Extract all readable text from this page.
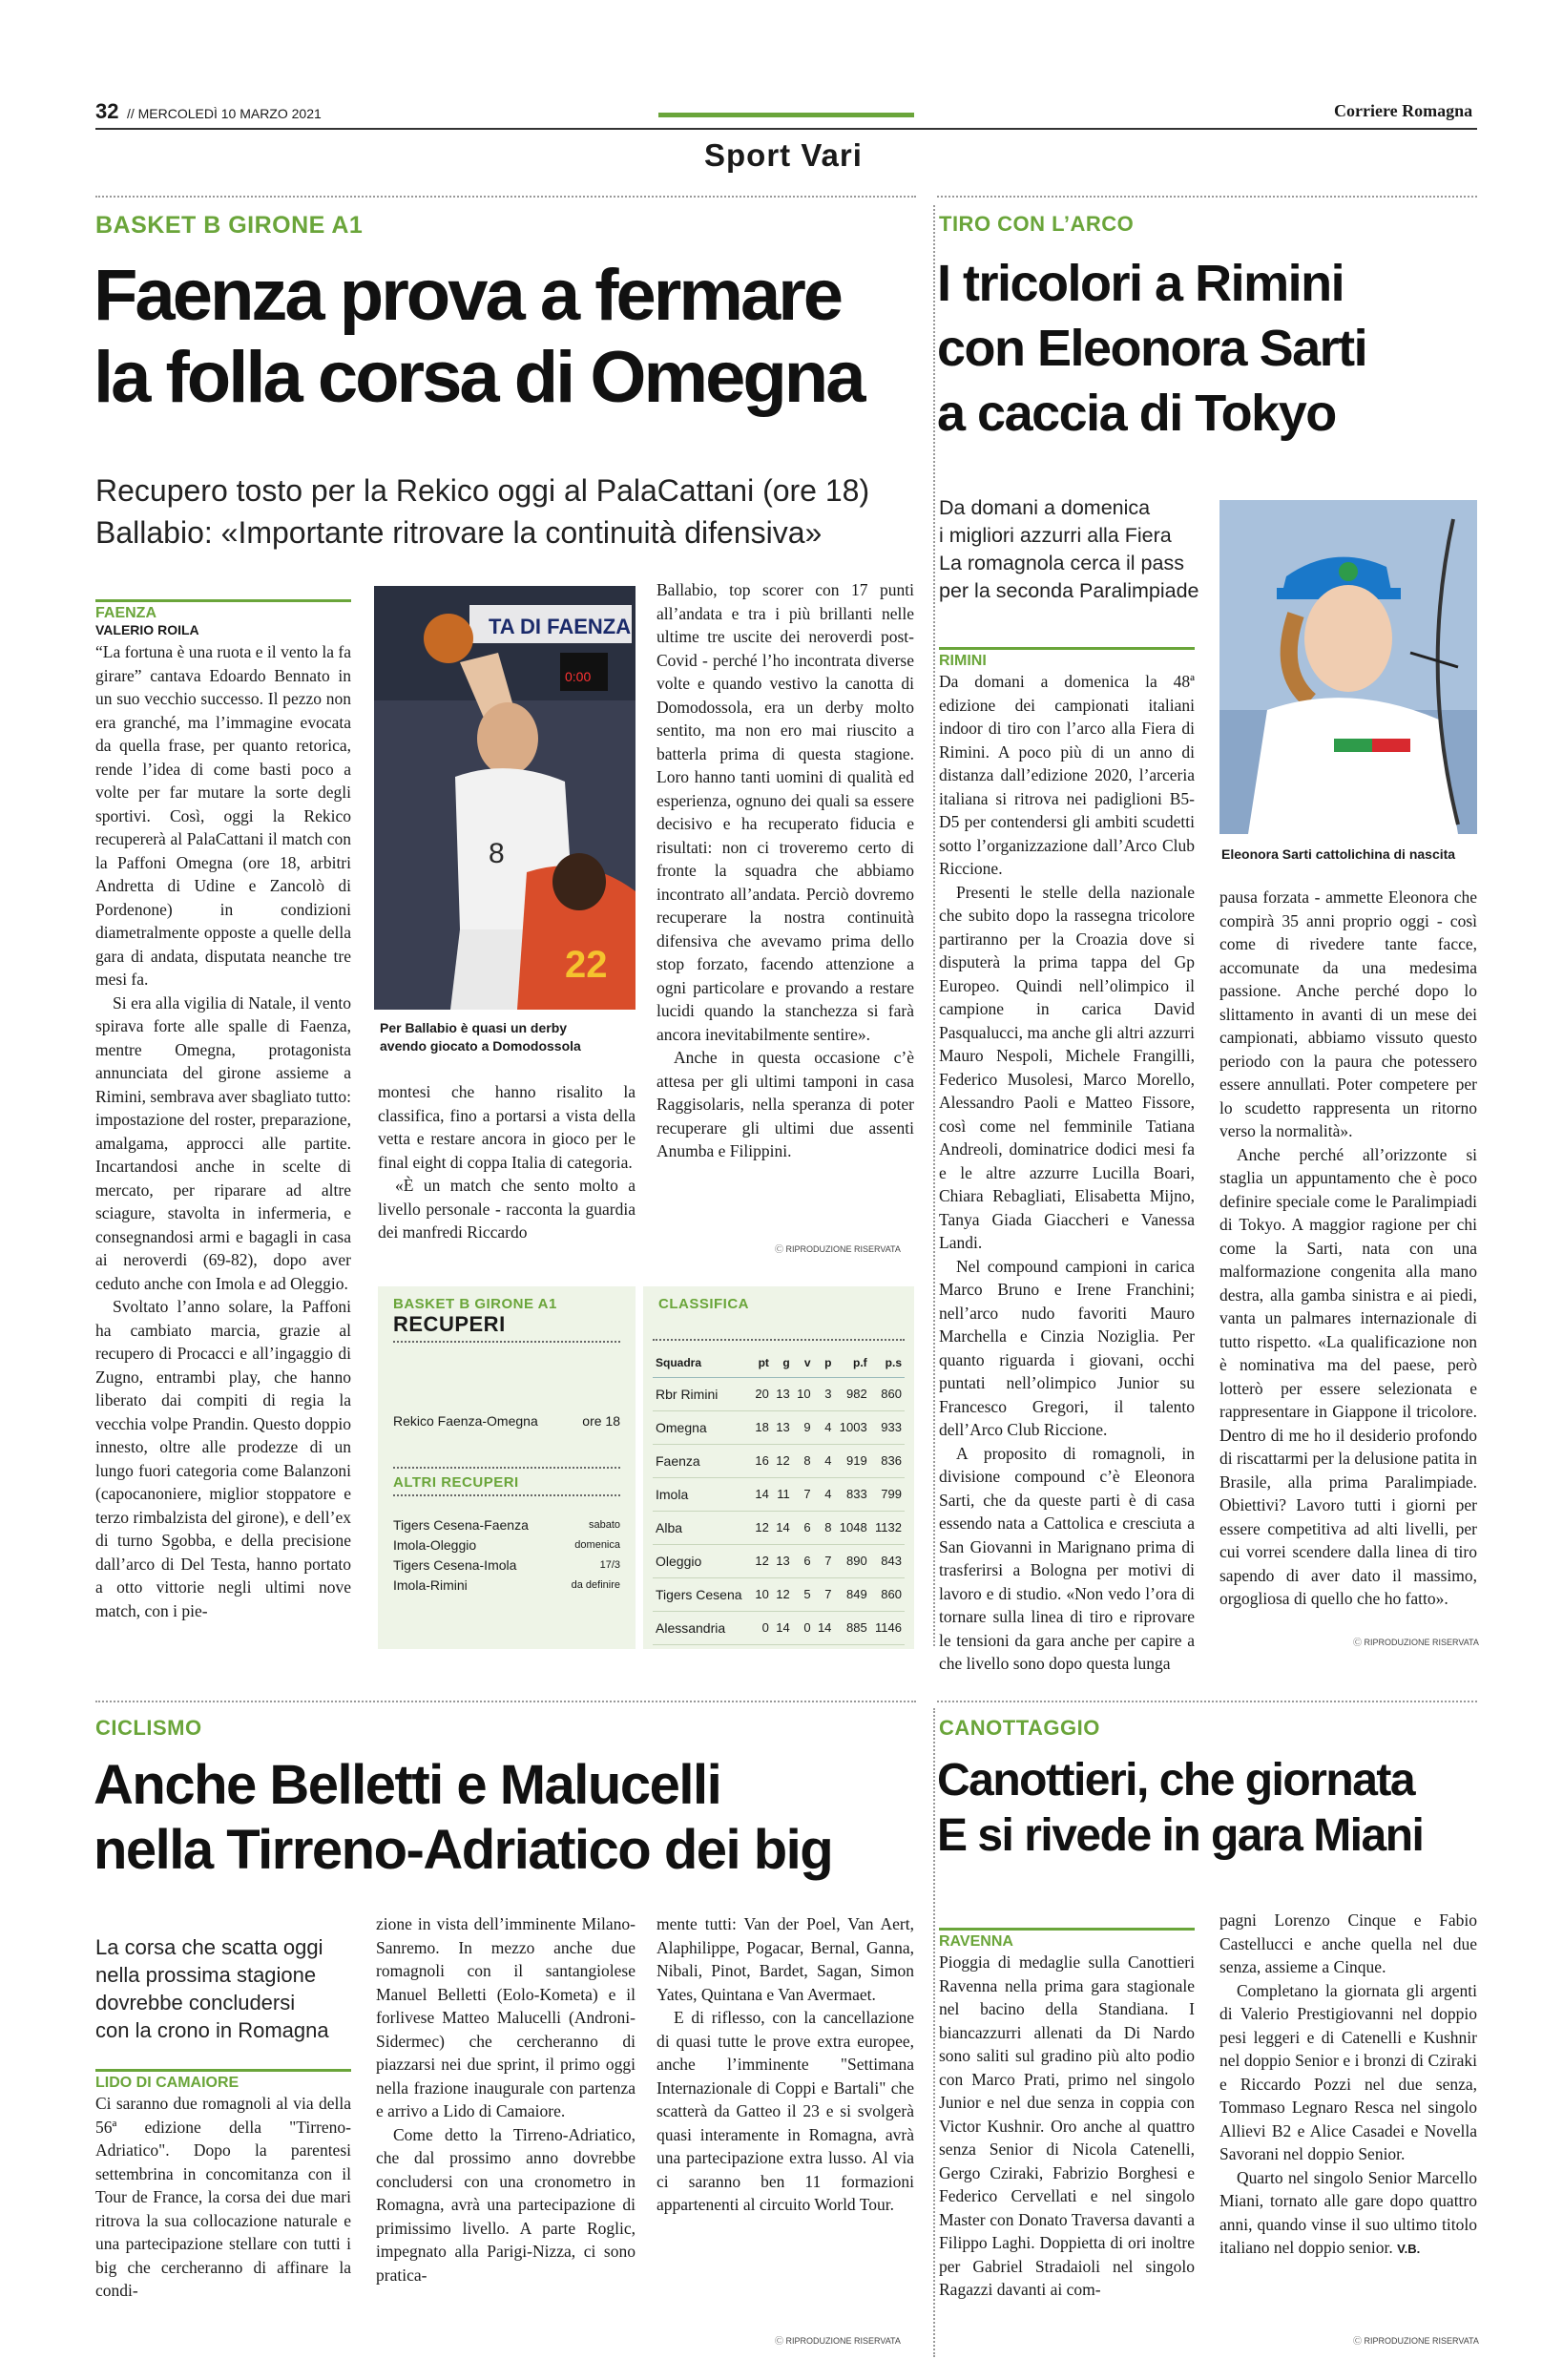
32 // MERCOLEDÌ 10 MARZO 2021	Corriere Romagna
Sport Vari
BASKET B GIRONE A1
Faenza prova a fermare
la folla corsa di Omegna
Recupero tosto per la Rekico oggi al PalaCattani (ore 18)
Ballabio: «Importante ritrovare la continuità difensiva»
FAENZA
VALERIO ROILA

“La fortuna è una ruota e il vento la fa girare” cantava Edoardo Bennato in un suo vecchio successo. Il pezzo non era granché, ma l’immagine evocata da quella frase, per quanto retorica, rende l’idea di come basti poco a volte per far mutare la sorte degli sportivi. Così, oggi la Rekico recupererà al PalaCattani il match con la Paffoni Omegna (ore 18, arbitri Andretta di Udine e Zancolò di Pordenone) in condizioni diametralmente opposte a quelle della gara di andata, disputata neanche tre mesi fa.

Si era alla vigilia di Natale, il vento spirava forte alle spalle di Faenza, mentre Omegna, protagonista annunciata del girone assieme a Rimini, sembrava aver sbagliato tutto: impostazione del roster, preparazione, amalgama, approcci alle partite. Incartandosi anche in scelte di mercato, per riparare ad altre sciagure, stavolta in infermeria, e consegnandosi armi e bagagli in casa ai neroverdi (69-82), dopo aver ceduto anche con Imola e ad Oleggio.

Svoltato l’anno solare, la Paffoni ha cambiato marcia, grazie al recupero di Procacci e all’ingaggio di Zugno, entrambi play, che hanno liberato dai compiti di regia la vecchia volpe Prandin. Questo doppio innesto, oltre alle prodezze di un lungo fuori categoria come Balanzoni (capocanoniere, miglior stoppatore e terzo rimbalzista del girone), e dell’ex di turno Sgobba, e della precisione dall’arco di Del Testa, hanno portato a otto vittorie negli ultimi nove match, con i pie-

TA DI FAENZA
0:00
8
22
Per Ballabio è quasi un derby
avendo giocato a Domodossola

montesi che hanno risalito la classifica, fino a portarsi a vista della vetta e restare ancora in gioco per le final eight di coppa Italia di categoria.

«È un match che sento molto a livello personale - racconta la guardia dei manfredi Riccardo

Ballabio, top scorer con 17 punti all’andata e tra i più brillanti nelle ultime tre uscite dei neroverdi post-Covid - perché l’ho incontrata diverse volte e quando vestivo la canotta di Domodossola, era un derby molto sentito, ma non ero mai riuscito a batterla prima di questa stagione. Loro hanno tanti uomini di qualità ed esperienza, ognuno dei quali sa essere decisivo e ha recuperato fiducia e risultati: non ci troveremo certo di fronte la squadra che abbiamo incontrato all’andata. Perciò dovremo recuperare la nostra continuità difensiva che avevamo prima dello stop forzato, facendo attenzione a ogni particolare e provando a restare lucidi quando la stanchezza si farà ancora inevitabilmente sentire».

Anche in questa occasione c’è attesa per gli ultimi tamponi in casa Raggisolaris, nella speranza di poter recuperare gli ultimi due assenti Anumba e Filippini.

Ⓒ RIPRODUZIONE RISERVATA
BASKET B GIRONE A1
RECUPERI
Rekico Faenza-Omegna	ore 18
ALTRI RECUPERI
Tigers Cesena-Faenza	sabato
Imola-Oleggio	domenica
Tigers Cesena-Imola	17/3
Imola-Rimini	da definire
CLASSIFICA
Squadra	pt	g	v	p	p.f	p.s
Rbr Rimini	20	13	10	3	982	860
Omegna	18	13	9	4	1003	933
Faenza	16	12	8	4	919	836
Imola	14	11	7	4	833	799
Alba	12	14	6	8	1048	1132
Oleggio	12	13	6	7	890	843
Tigers Cesena	10	12	5	7	849	860
Alessandria	0	14	0	14	885	1146
TIRO CON L’ARCO
I tricolori a Rimini
con Eleonora Sarti
a caccia di Tokyo
Da domani a domenica
i migliori azzurri alla Fiera
La romagnola cerca il pass
per la seconda Paralimpiade
Eleonora Sarti cattolichina di nascita
RIMINI

Da domani a domenica la 48ª edizione dei campionati italiani indoor di tiro con l’arco alla Fiera di Rimini. A poco più di un anno di distanza dall’edizione 2020, l’arceria italiana si ritrova nei padiglioni B5-D5 per contendersi gli ambiti scudetti sotto l’organizzazione dall’Arco Club Riccione.

Presenti le stelle della nazionale che subito dopo la rassegna tricolore partiranno per la Croazia dove si disputerà la prima tappa del Gp Europeo. Quindi nell’olimpico il campione in carica David Pasqualucci, ma anche gli altri azzurri Mauro Nespoli, Michele Frangilli, Federico Musolesi, Marco Morello, Alessandro Paoli e Matteo Fissore, così come nel femminile Tatiana Andreoli, dominatrice dodici mesi fa e le altre azzurre Lucilla Boari, Chiara Rebagliati, Elisabetta Mijno, Tanya Giada Giaccheri e Vanessa Landi.

Nel compound campioni in carica Marco Bruno e Irene Franchini; nell’arco nudo favoriti Mauro Marchella e Cinzia Noziglia. Per quanto riguarda i giovani, occhi puntati nell’olimpico Junior su Francesco Gregori, il talento dell’Arco Club Riccione.

A proposito di romagnoli, in divisione compound c’è Eleonora Sarti, che da queste parti è di casa essendo nata a Cattolica e cresciuta a San Giovanni in Marignano prima di trasferirsi a Bologna per motivi di lavoro e di studio. «Non vedo l’ora di tornare sulla linea di tiro e riprovare le tensioni da gara anche per capire a che livello sono dopo questa lunga

pausa forzata - ammette Eleonora che compirà 35 anni proprio oggi - così come di rivedere tante facce, accomunate da una medesima passione. Anche perché dopo lo slittamento in avanti di un mese dei campionati, abbiamo vissuto questo periodo con la paura che potessero essere annullati. Poter competere per lo scudetto rappresenta un ritorno verso la normalità».

Anche perché all’orizzonte si staglia un appuntamento che è poco definire speciale come le Paralimpiadi di Tokyo. A maggior ragione per chi come la Sarti, nata con una malformazione congenita alla mano destra, alla gamba sinistra e ai piedi, vanta un palmares internazionale di tutto rispetto. «La qualificazione non è nominativa ma del paese, però lotterò per essere selezionata e rappresentare in Giappone il tricolore. Dentro di me ho il desiderio profondo di riscattarmi per la delusione patita in Brasile, alla prima Paralimpiade. Obiettivi? Lavoro tutti i giorni per essere competitiva ad alti livelli, per cui vorrei scendere dalla linea di tiro sapendo di aver dato il massimo, orgogliosa di quello che ho fatto».

Ⓒ RIPRODUZIONE RISERVATA
CICLISMO
Anche Belletti e Malucelli
nella Tirreno-Adriatico dei big
La corsa che scatta oggi
nella prossima stagione
dovrebbe concludersi
con la crono in Romagna
LIDO DI CAMAIORE

Ci saranno due romagnoli al via della 56ª edizione della "Tirreno-Adriatico". Dopo la parentesi settembrina in concomitanza con il Tour de France, la corsa dei due mari ritrova la sua collocazione naturale e una partecipazione stellare con tutti i big che cercheranno di affinare la condi-

zione in vista dell’imminente Milano-Sanremo. In mezzo anche due romagnoli con il santangiolese Manuel Belletti (Eolo-Kometa) e il forlivese Matteo Malucelli (Androni-Sidermec) che cercheranno di piazzarsi nei due sprint, il primo oggi nella frazione inaugurale con partenza e arrivo a Lido di Camaiore.

Come detto la Tirreno-Adriatico, che dal prossimo anno dovrebbe concludersi con una cronometro in Romagna, avrà una partecipazione di primissimo livello. A parte Roglic, impegnato alla Parigi-Nizza, ci sono pratica-

mente tutti: Van der Poel, Van Aert, Alaphilippe, Pogacar, Bernal, Ganna, Nibali, Pinot, Bardet, Sagan, Simon Yates, Quintana e Van Avermaet.

E di riflesso, con la cancellazione di quasi tutte le prove extra europee, anche l’imminente "Settimana Internazionale di Coppi e Bartali" che scatterà da Gatteo il 23 e si svolgerà quasi interamente in Romagna, avrà una partecipazione extra lusso. Al via ci saranno ben 11 formazioni appartenenti al circuito World Tour.

Ⓒ RIPRODUZIONE RISERVATA
CANOTTAGGIO
Canottieri, che giornata
E si rivede in gara Miani
RAVENNA

Pioggia di medaglie sulla Canottieri Ravenna nella prima gara stagionale nel bacino della Standiana. I biancazzurri allenati da Di Nardo sono saliti sul gradino più alto podio con Marco Prati, primo nel singolo Junior e nel due senza in coppia con Victor Kushnir. Oro anche al quattro senza Senior di Nicola Catenelli, Gergo Cziraki, Fabrizio Borghesi e Federico Cervellati e nel singolo Master con Donato Traversa davanti a Filippo Laghi. Doppietta di ori inoltre per Gabriel Stradaioli nel singolo Ragazzi davanti ai com-

pagni Lorenzo Cinque e Fabio Castellucci e anche quella nel due senza, assieme a Cinque.

Completano la giornata gli argenti di Valerio Prestigiovanni nel doppio pesi leggeri e di Catenelli e Kushnir nel doppio Senior e i bronzi di Cziraki e Riccardo Pozzi nel due senza, Tommaso Legnaro Resca nel singolo Allievi B2 e Alice Casadei e Novella Savorani nel doppio Senior.

Quarto nel singolo Senior Marcello Miani, tornato alle gare dopo quattro anni, quando vinse il suo ultimo titolo italiano nel doppio senior. V.B.

Ⓒ RIPRODUZIONE RISERVATA
